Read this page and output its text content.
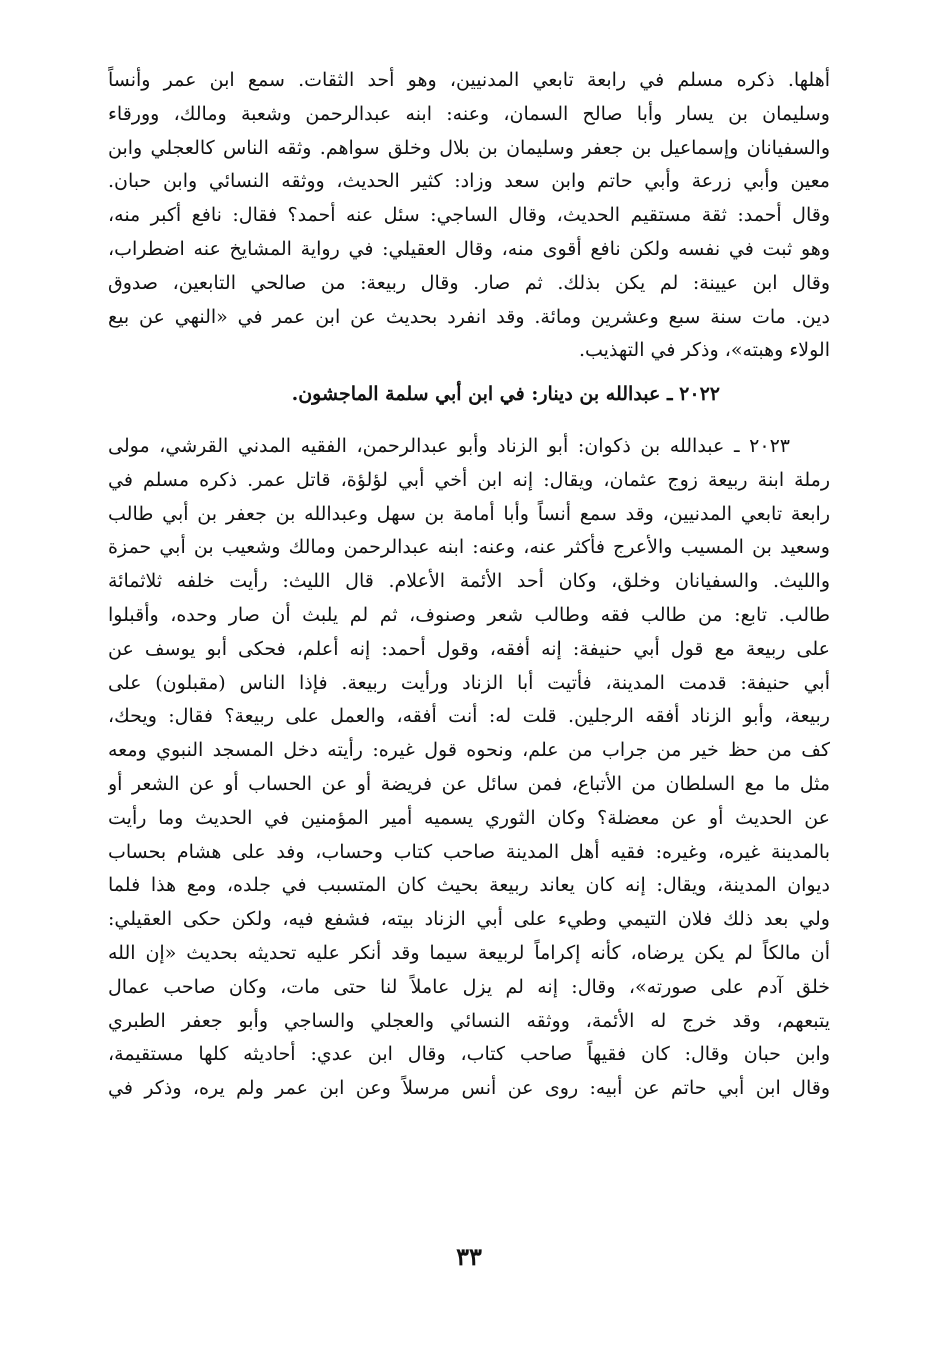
أهلها. ذكره مسلم في رابعة تابعي المدنيين، وهو أحد الثقات. سمع ابن عمر وأنساً
وسليمان بن يسار وأبا صالح السمان، وعنه: ابنه عبدالرحمن وشعبة ومالك، وورقاء
والسفيانان وإسماعيل بن جعفر وسليمان بن بلال وخلق سواهم. وثقه الناس كالعجلي وابن
معين وأبي زرعة وأبي حاتم وابن سعد وزاد: كثير الحديث، ووثقه النسائي وابن حبان.
وقال أحمد: ثقة مستقيم الحديث، وقال الساجي: سئل عنه أحمد؟ فقال: نافع أكبر منه،
وهو ثبت في نفسه ولكن نافع أقوى منه، وقال العقيلي: في رواية المشايخ عنه اضطراب،
وقال ابن عيينة: لم يكن بذلك. ثم صار. وقال ربيعة: من صالحي التابعين، صدوق
دين. مات سنة سبع وعشرين ومائة. وقد انفرد بحديث عن ابن عمر في «النهي عن بيع
الولاء وهبته»، وذكر في التهذيب.
٢٠٢٢ ـ عبدالله بن دينار: في ابن أبي سلمة الماجشون.
٢٠٢٣ ـ عبدالله بن ذكوان: أبو الزناد وأبو عبدالرحمن، الفقيه المدني القرشي، مولى
رملة ابنة ربيعة زوج عثمان، ويقال: إنه ابن أخي أبي لؤلؤة، قاتل عمر. ذكره مسلم في
رابعة تابعي المدنيين، وقد سمع أنساً وأبا أمامة بن سهل وعبدالله بن جعفر بن أبي طالب
وسعيد بن المسيب والأعرج فأكثر عنه، وعنه: ابنه عبدالرحمن ومالك وشعيب بن أبي حمزة
والليث. والسفيانان وخلق، وكان أحد الأئمة الأعلام. قال الليث: رأيت خلفه ثلاثمائة
طالب. تابع: من طالب فقه وطالب شعر وصنوف، ثم لم يلبث أن صار وحده، وأقبلوا
على ربيعة مع قول أبي حنيفة: إنه أفقه، وقول أحمد: إنه أعلم، فحكى أبو يوسف عن
أبي حنيفة: قدمت المدينة، فأتيت أبا الزناد ورأيت ربيعة. فإذا الناس (مقبلون) على
ربيعة، وأبو الزناد أفقه الرجلين. قلت له: أنت أفقه، والعمل على ربيعة؟ فقال: ويحك،
كف من حظ خير من جراب من علم، ونحوه قول غيره: رأيته دخل المسجد النبوي ومعه
مثل ما مع السلطان من الأتباع، فمن سائل عن فريضة أو عن الحساب أو عن الشعر أو
عن الحديث أو عن معضلة؟ وكان الثوري يسميه أمير المؤمنين في الحديث وما رأيت
بالمدينة غيره، وغيره: فقيه أهل المدينة صاحب كتاب وحساب، وفد على هشام بحساب
ديوان المدينة، ويقال: إنه كان يعاند ربيعة بحيث كان المتسبب في جلده، ومع هذا فلما
ولي بعد ذلك فلان التيمي وطيء على أبي الزناد بيته، فشفع فيه، ولكن حكى العقيلي:
أن مالكاً لم يكن يرضاه، كأنه إكراماً لربيعة سيما وقد أنكر عليه تحديثه بحديث «إن الله
خلق آدم على صورته»، وقال: إنه لم يزل عاملاً لنا حتى مات، وكان صاحب عمال
يتبعهم، وقد خرج له الأئمة، ووثقه النسائي والعجلي والساجي وأبو جعفر الطبري
وابن حبان وقال: كان فقيهاً صاحب كتاب، وقال ابن عدي: أحاديثه كلها مستقيمة،
وقال ابن أبي حاتم عن أبيه: روى عن أنس مرسلاً وعن ابن عمر ولم يره، وذكر في
٣٣
